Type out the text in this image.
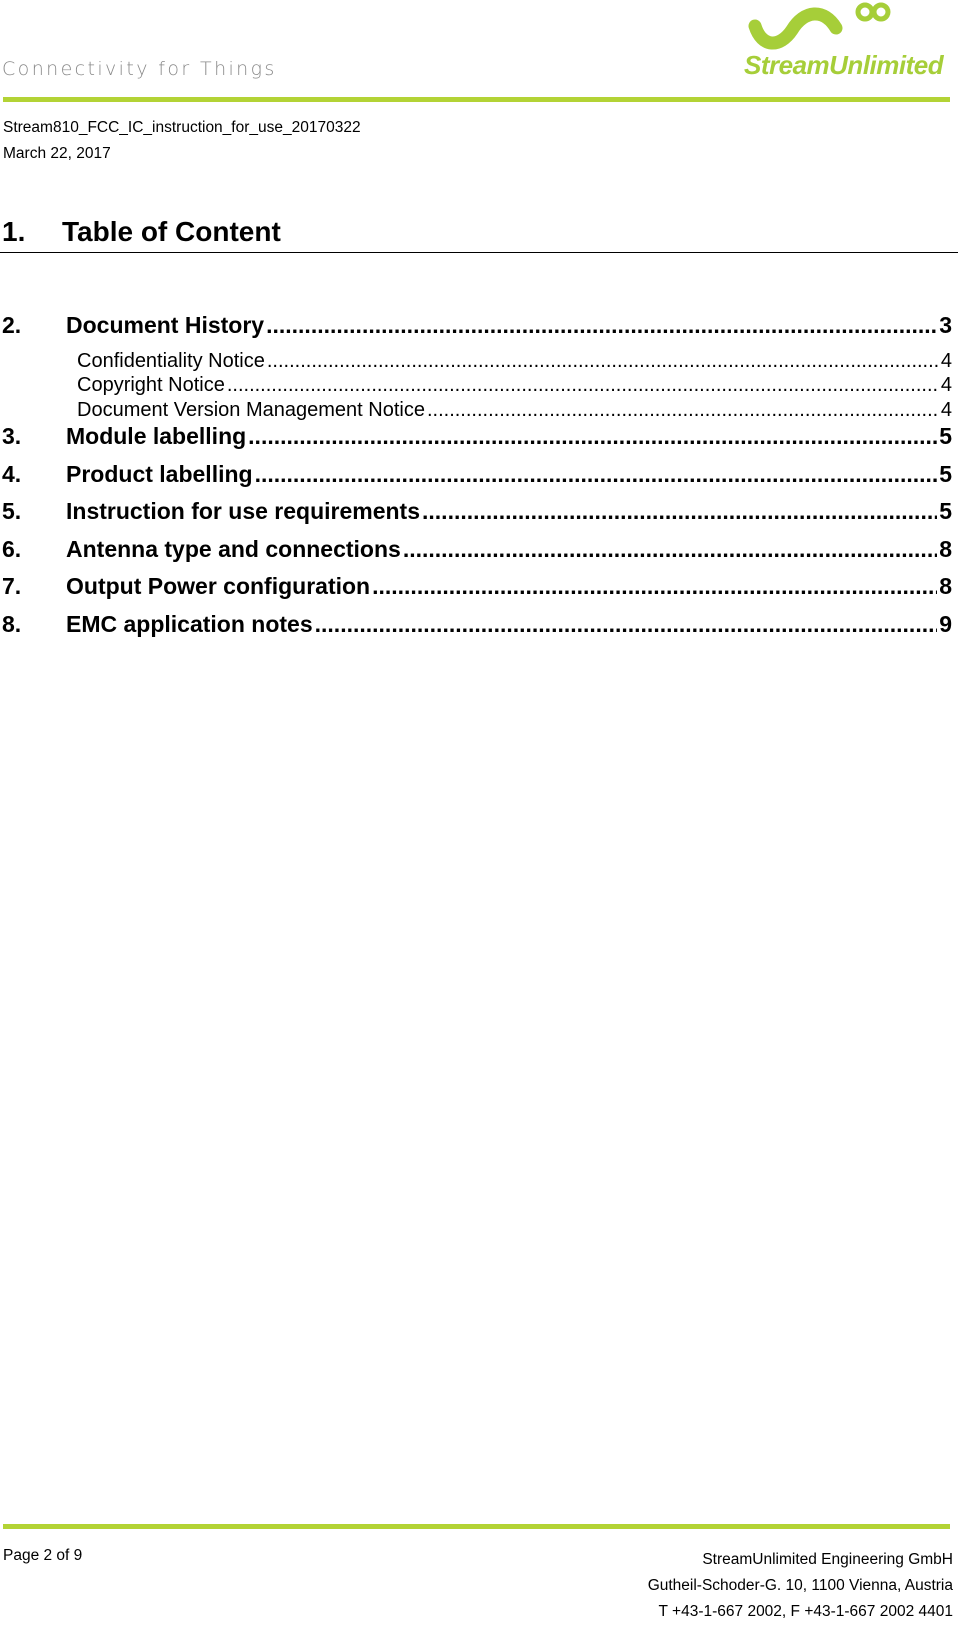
Connectivity for Things	StreamUnlimited
Stream810_FCC_IC_instruction_for_use_20170322
March 22, 2017
1. Table of Content
2.	Document History .....	3
Confidentiality Notice .....	4
Copyright Notice .....	4
Document Version Management Notice .....	4
3.	Module labelling .....	5
4.	Product labelling .....	5
5.	Instruction for use requirements .....	5
6.	Antenna type and connections .....	8
7.	Output Power configuration .....	8
8.	EMC application notes .....	9
Page 2 of 9	StreamUnlimited Engineering GmbH
Gutheil-Schoder-G. 10, 1100 Vienna, Austria
T +43-1-667 2002, F +43-1-667 2002 4401
